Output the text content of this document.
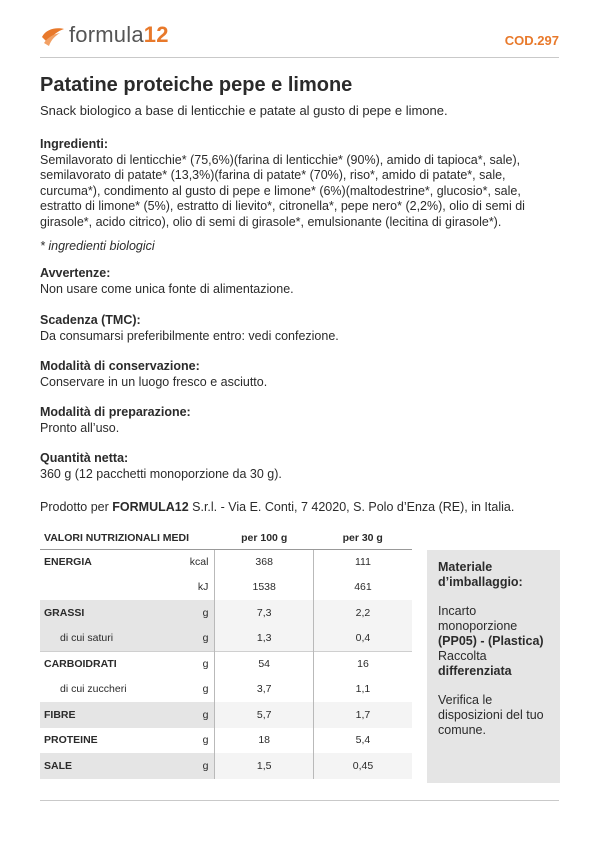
formula12	COD.297
Patatine proteiche pepe e limone
Snack biologico a base di lenticchie e patate al gusto di pepe e limone.
Ingredienti:
Semilavorato di lenticchie* (75,6%)(farina di lenticchie* (90%), amido di tapioca*, sale), semilavorato di patate* (13,3%)(farina di patate* (70%), riso*, amido di patate*, sale, curcuma*), condimento al gusto di pepe e limone* (6%)(maltodestrine*, glucosio*, sale, estratto di limone* (5%), estratto di lievito*, citronella*, pepe nero* (2,2%), olio di semi di girasole*, acido citrico), olio di semi di girasole*, emulsionante (lecitina di girasole*).
* ingredienti biologici
Avvertenze:
Non usare come unica fonte di alimentazione.
Scadenza (TMC):
Da consumarsi preferibilmente entro: vedi confezione.
Modalità di conservazione:
Conservare in un luogo fresco e asciutto.
Modalità di preparazione:
Pronto all’uso.
Quantità netta:
360 g (12 pacchetti monoporzione da 30 g).
Prodotto per FORMULA12 S.r.l. - Via E. Conti, 7 42020, S. Polo d’Enza (RE), in Italia.
VALORI NUTRIZIONALI MEDI		per 100 g	per 30 g
ENERGIA	kcal	368	111
	kJ	1538	461
GRASSI	g	7,3	2,2
di cui saturi	g	1,3	0,4
CARBOIDRATI	g	54	16
di cui zuccheri	g	3,7	1,1
FIBRE	g	5,7	1,7
PROTEINE	g	18	5,4
SALE	g	1,5	0,45
Materiale d’imballaggio:

Incarto monoporzione
(PP05) - (Plastica)
Raccolta
differenziata

Verifica le disposizioni del tuo comune.
